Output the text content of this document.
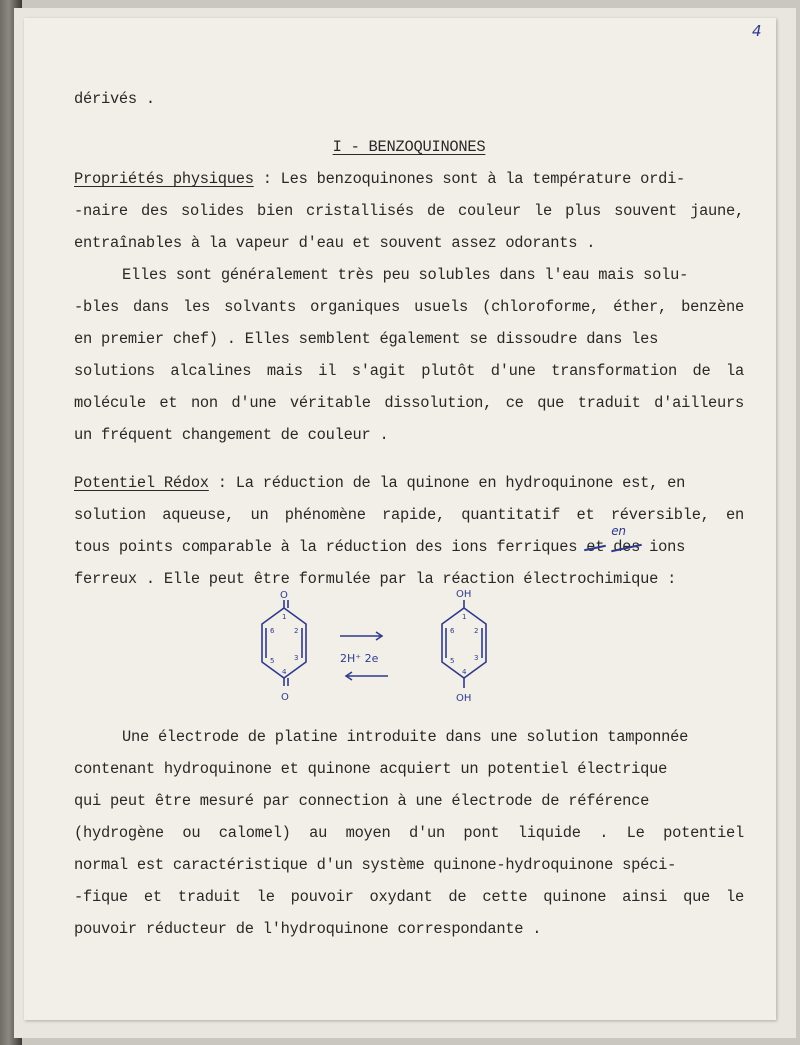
4
dérivés .
I - BENZOQUINONES
Propriétés physiques : Les benzoquinones sont à la température ordi-
-naire des solides bien cristallisés de couleur le plus souvent jaune,
entraînables à la vapeur d'eau et souvent assez odorants .
Elles sont généralement très peu solubles dans l'eau mais solu-
-bles dans les solvants organiques usuels (chloroforme, éther, benzène
en premier chef) . Elles semblent également se dissoudre dans les
solutions alcalines mais il s'agit plutôt d'une transformation de la
molécule et non d'une véritable dissolution, ce que traduit d'ailleurs
un fréquent changement de couleur .
Potentiel Rédox : La réduction de la quinone en hydroquinone est, en
solution aqueuse, un phénomène rapide, quantitatif et réversible, en
tous points comparable à la réduction des ions ferriques et des
en
ions
ferreux . Elle peut être formulée par la réaction électrochimique :
O
O
1
2
3
4
5
6
2H⁺ 2e
OH
OH
1
2
3
4
5
6
Une électrode de platine introduite dans une solution tamponnée
contenant hydroquinone et quinone acquiert un potentiel électrique
qui peut être mesuré par connection à une électrode de référence
(hydrogène ou calomel) au moyen d'un pont liquide . Le potentiel
normal est caractéristique d'un système quinone-hydroquinone spéci-
-fique et traduit le pouvoir oxydant de cette quinone ainsi que le
pouvoir réducteur de l'hydroquinone correspondante .
